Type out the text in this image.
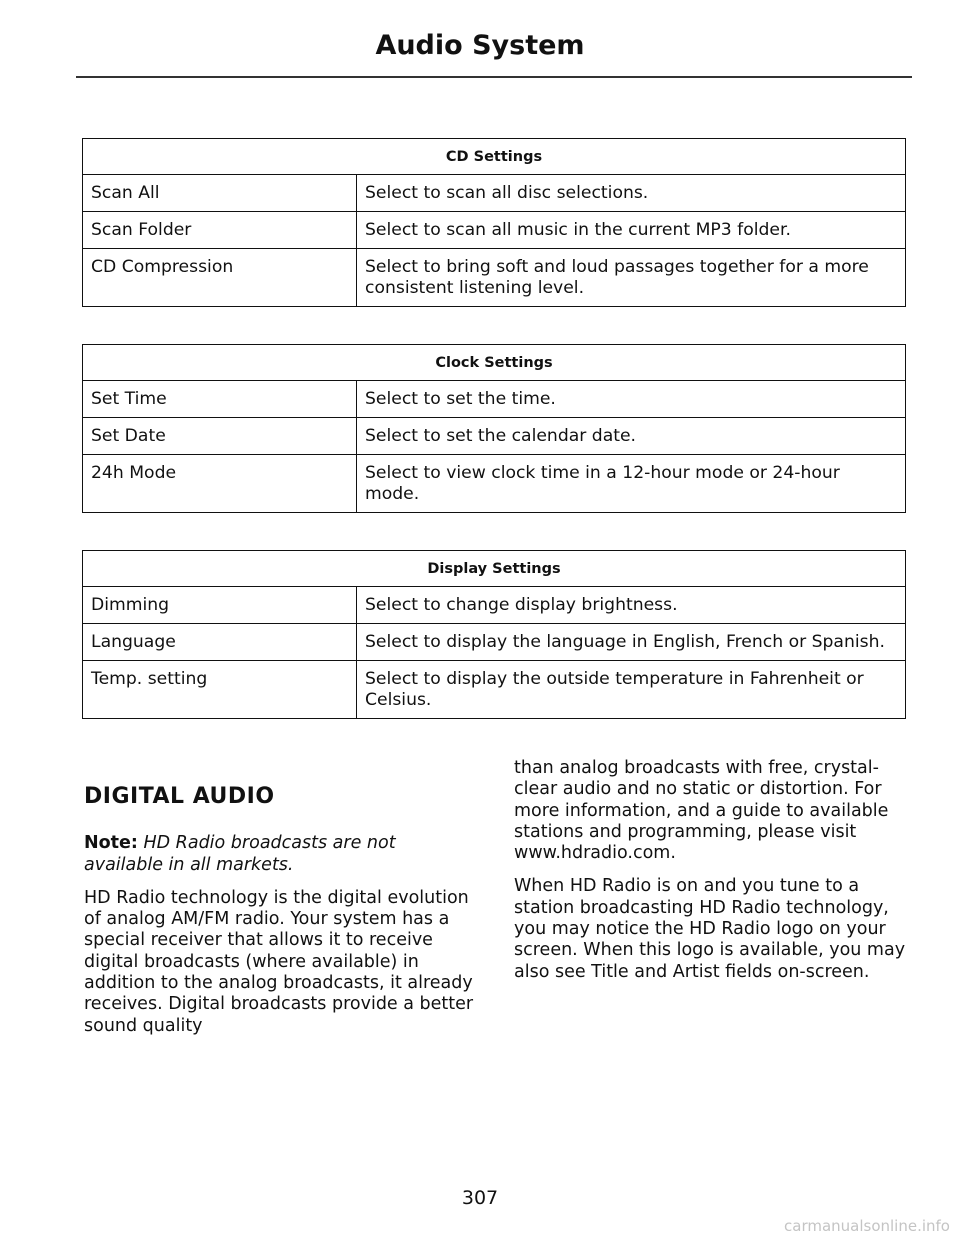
Audio System
CD Settings	
Scan All	Select to scan all disc selections.
Scan Folder	Select to scan all music in the current MP3 folder.
CD Compression	Select to bring soft and loud passages together for a more consistent listening level.
Clock Settings	
Set Time	Select to set the time.
Set Date	Select to set the calendar date.
24h Mode	Select to view clock time in a 12-hour mode or 24-hour mode.
Display Settings	
Dimming	Select to change display brightness.
Language	Select to display the language in English, French or Spanish.
Temp. setting	Select to display the outside temperature in Fahrenheit or Celsius.
DIGITAL AUDIO
Note: HD Radio broadcasts are not available in all markets.
HD Radio technology is the digital evolution of analog AM/FM radio. Your system has a special receiver that allows it to receive digital broadcasts (where available) in addition to the analog broadcasts, it already receives. Digital broadcasts provide a better sound quality
than analog broadcasts with free, crystal-clear audio and no static or distortion. For more information, and a guide to available stations and programming, please visit www.hdradio.com.
When HD Radio is on and you tune to a station broadcasting HD Radio technology, you may notice the HD Radio logo on your screen. When this logo is available, you may also see Title and Artist fields on-screen.
307
carmanualsonline.info
